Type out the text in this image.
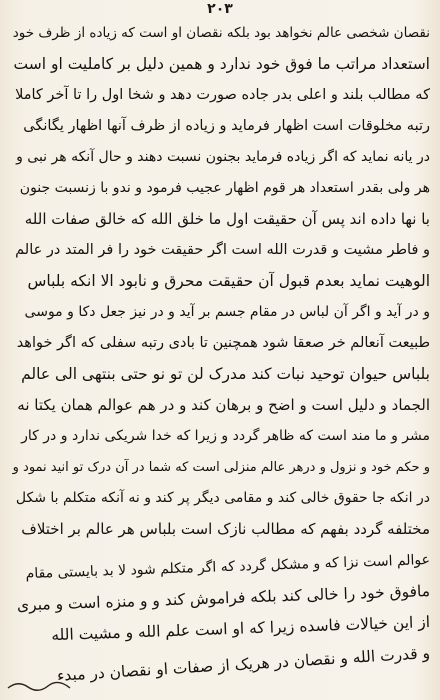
۲۰۳
نقصان شخصی عالم نخواهد بود بلکه نقصان او است که زیاده از ظرف خود
استعداد مراتب ما فوق خود ندارد و همین دلیل بر کاملیت او است
که مطالب بلند و اعلی بدر جاده صورت دهد و شخا اول را تا آخر کاملا
رتبه مخلوقات است اظهار فرماید و زیاده از ظرف آنها اظهار یگانگی
در یانه نماید که اگر زیاده فرماید بجنون نسبت دهند و حال آنکه هر نبی و
هر ولی بقدر استعداد هر قوم اظهار عجیب فرمود و ندو با زنسبت جنون
با نها داده اند پس آن حقیقت اول ما خلق الله که خالق صفات الله
و فاطر مشیت و قدرت الله است اگر حقیقت خود را فر المتد در عالم
الوهیت نماید بعدم قبول آن حقیقت محرق و نابود الا انکه بلباس
و در آید و اگر آن لباس در مقام جسم بر آید و در نیز جعل دکا و موسی
طبیعت آنعالم خر صعقا شود همچنین تا بادی رتبه سفلی که اگر خواهد
بلباس حیوان توحید نبات کند مدرک لن تو نو حتی بنتهی الی عالم
الجماد و دلیل است و اضح و برهان کند و در هم عوالم همان یکتا نه
مشر و ما مند است که ظاهر گردد و زیرا که خدا شریکی ندارد و در کار
و حکم خود و نزول و درهر عالم منزلی است که شما در آن درک تو انید نمود و
در انکه جا حقوق خالی کند و مقامی دیگر پر کند و نه آنکه متکلم با شکل
مختلفه گردد بفهم که مطالب نازک است بلباس هر عالم بر اختلاف
عوالم است نزا که و مشکل گردد که اگر متکلم شود لا بد بایستی مقام
مافوق خود را خالی کند بلکه فراموش کند و و منزه است و مبری
از این خیالات فاسده زیرا که او است علم الله و مشیت الله
و قدرت الله و نقصان در هریک از صفات او نقصان در مبدء
